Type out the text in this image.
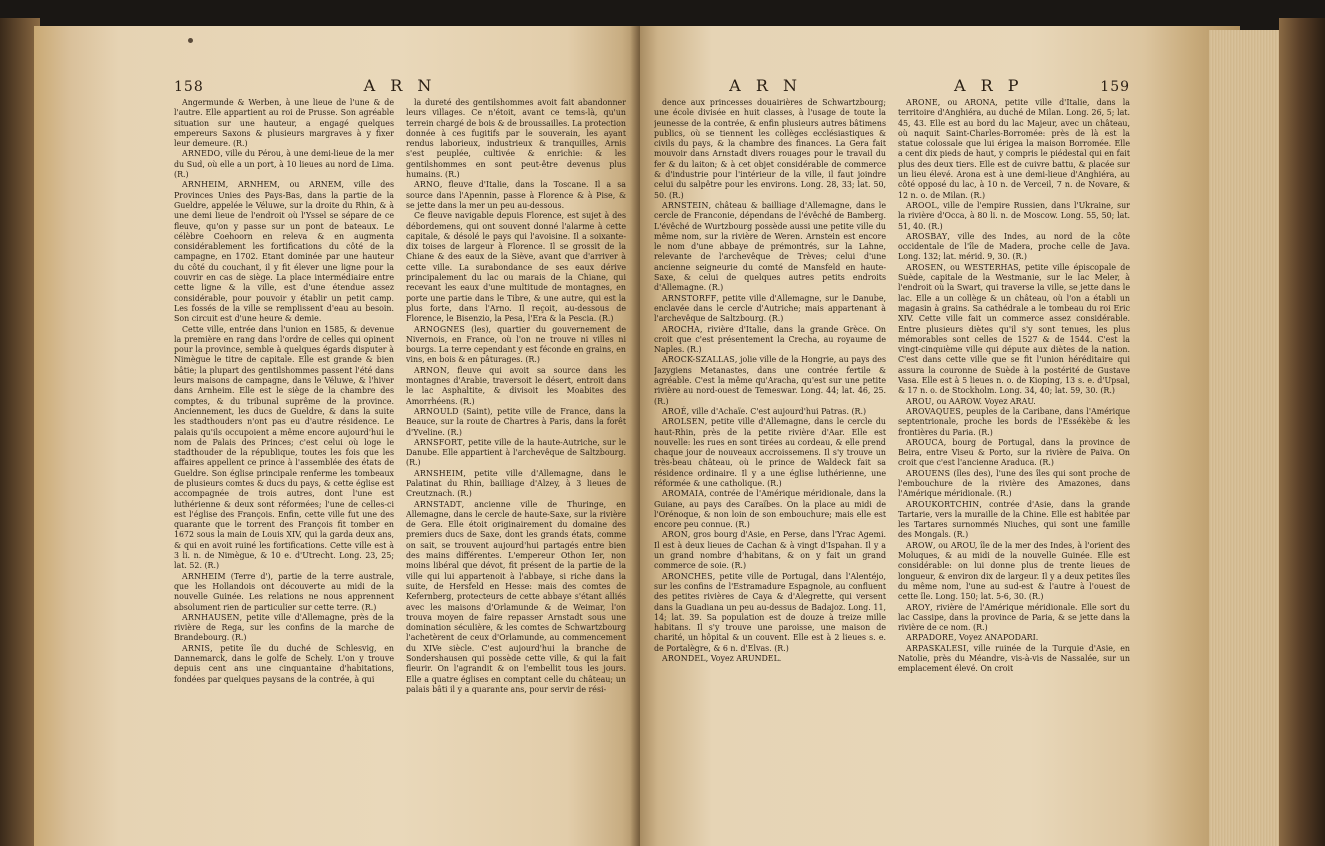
158	A R N

Angermunde & Werben, à une lieue de l'une & de l'autre. Elle appartient au roi de Prusse. Son agréable situation sur une hauteur, a engagé quelques empereurs Saxons & plusieurs margraves à y fixer leur demeure. (R.)

ARNEDO, ville du Pérou, à une demi-lieue de la mer du Sud, où elle a un port, à 10 lieues au nord de Lima. (R.)

ARNHEIM, ARNHEM, ou ARNEM, ville des Provinces Unies des Pays-Bas, dans la partie de la Gueldre, appelée le Véluwe, sur la droite du Rhin, & à une demi lieue de l'endroit où l'Yssel se sépare de ce fleuve, qu'on y passe sur un pont de bateaux. Le célèbre Coehoorn en releva & en augmenta considérablement les fortifications du côté de la campagne, en 1702. Etant dominée par une hauteur du côté du couchant, il y fit élever une ligne pour la couvrir en cas de siège. La place intermédiaire entre cette ligne & la ville, est d'une étendue assez considérable, pour pouvoir y établir un petit camp. Les fossés de la ville se remplissent d'eau au besoin. Son circuit est d'une heure & demie.

Cette ville, entrée dans l'union en 1585, & devenue la première en rang dans l'ordre de celles qui opinent pour la province, semble à quelques égards disputer à Nimègue le titre de capitale. Elle est grande & bien bâtie; la plupart des gentilshommes passent l'été dans leurs maisons de campagne, dans le Véluwe, & l'hiver dans Arnheim. Elle est le siège de la chambre des comptes, & du tribunal suprême de la province. Anciennement, les ducs de Gueldre, & dans la suite les stadthouders n'ont pas eu d'autre résidence. Le palais qu'ils occupoient a même encore aujourd'hui le nom de Palais des Princes; c'est celui où loge le stadthouder de la république, toutes les fois que les affaires appellent ce prince à l'assemblée des états de Gueldre. Son église principale renferme les tombeaux de plusieurs comtes & ducs du pays, & cette église est accompagnée de trois autres, dont l'une est luthérienne & deux sont réformées; l'une de celles-ci est l'église des François. Enfin, cette ville fut une des quarante que le torrent des François fit tomber en 1672 sous la main de Louis XIV, qui la garda deux ans, & qui en avoit ruiné les fortifications. Cette ville est à 3 li. n. de Nimègue, & 10 e. d'Utrecht. Long. 23, 25; lat. 52. (R.)

ARNHEIM (Terre d'), partie de la terre australe, que les Hollandois ont découverte au midi de la nouvelle Guinée. Les relations ne nous apprennent absolument rien de particulier sur cette terre. (R.)

ARNHAUSEN, petite ville d'Allemagne, près de la rivière de Rega, sur les confins de la marche de Brandebourg. (R.)

ARNIS, petite île du duché de Schlesvig, en Dannemarck, dans le golfe de Schely. L'on y trouve depuis cent ans une cinquantaine d'habitations, fondées par quelques paysans de la contrée, à qui

la dureté des gentilshommes avoit fait abandonner leurs villages. Ce n'étoit, avant ce tems-là, qu'un terrein chargé de bois & de broussailles. La protection donnée à ces fugitifs par le souverain, les ayant rendus laborieux, industrieux & tranquilles, Arnis s'est peuplée, cultivée & enrichie: & les gentilshommes en sont peut-être devenus plus humains. (R.)

ARNO, fleuve d'Italie, dans la Toscane. Il a sa source dans l'Apennin, passe à Florence & à Pise, & se jette dans la mer un peu au-dessous.

Ce fleuve navigable depuis Florence, est sujet à des débordemens, qui ont souvent donné l'alarme à cette capitale, & désolé le pays qui l'avoisine. Il a soixante-dix toises de largeur à Florence. Il se grossit de la Chiane & des eaux de la Siève, avant que d'arriver à cette ville. La surabondance de ses eaux dérive principalement du lac ou marais de la Chiane, qui recevant les eaux d'une multitude de montagnes, en porte une partie dans le Tibre, & une autre, qui est la plus forte, dans l'Arno. Il reçoit, au-dessous de Florence, le Bisenzio, la Pesa, l'Era & la Pescia. (R.)

ARNOGNES (les), quartier du gouvernement de Nivernois, en France, où l'on ne trouve ni villes ni bourgs. La terre cependant y est féconde en grains, en vins, en bois & en pâturages. (R.)

ARNON, fleuve qui avoit sa source dans les montagnes d'Arabie, traversoit le désert, entroit dans le lac Asphaltite, & divisoit les Moabites des Amorrhéens. (R.)

ARNOULD (Saint), petite ville de France, dans la Beauce, sur la route de Chartres à Paris, dans la forêt d'Yveline. (R.)

ARNSFORT, petite ville de la haute-Autriche, sur le Danube. Elle appartient à l'archevêque de Saltzbourg. (R.)

ARNSHEIM, petite ville d'Allemagne, dans le Palatinat du Rhin, bailliage d'Alzey, à 3 lieues de Creutznach. (R.)

ARNSTADT, ancienne ville de Thuringe, en Allemagne, dans le cercle de haute-Saxe, sur la rivière de Gera. Elle étoit originairement du domaine des premiers ducs de Saxe, dont les grands états, comme on sait, se trouvent aujourd'hui partagés entre bien des mains différentes. L'empereur Othon Ier, non moins libéral que dévot, fit présent de la partie de la ville qui lui appartenoit à l'abbaye, si riche dans la suite, de Hersfeld en Hesse: mais des comtes de Kefernberg, protecteurs de cette abbaye s'étant alliés avec les maisons d'Orlamunde & de Weimar, l'on trouva moyen de faire repasser Arnstadt sous une domination séculière, & les comtes de Schwartzbourg l'achetèrent de ceux d'Orlamunde, au commencement du XIVe siècle. C'est aujourd'hui la branche de Sondershausen qui possède cette ville, & qui la fait fleurir. On l'agrandit & on l'embellit tous les jours. Elle a quatre églises en comptant celle du château; un palais bâti il y a quarante ans, pour servir de rési-

A R N	A R P	159

dence aux princesses douairières de Schwartzbourg; une école divisée en huit classes, à l'usage de toute la jeunesse de la contrée, & enfin plusieurs autres bâtimens publics, où se tiennent les collèges ecclésiastiques & civils du pays, & la chambre des finances. La Gera fait mouvoir dans Arnstadt divers rouages pour le travail du fer & du laiton; & à cet objet considérable de commerce & d'industrie pour l'intérieur de la ville, il faut joindre celui du salpêtre pour les environs. Long. 28, 33; lat. 50, 50. (R.)

ARNSTEIN, château & bailliage d'Allemagne, dans le cercle de Franconie, dépendans de l'évêché de Bamberg. L'évêché de Wurtzbourg possède aussi une petite ville du même nom, sur la rivière de Weren. Arnstein est encore le nom d'une abbaye de prémontrés, sur la Lahne, relevante de l'archevêque de Trèves; celui d'une ancienne seigneurie du comté de Mansfeld en haute-Saxe, & celui de quelques autres petits endroits d'Allemagne. (R.)

ARNSTORFF, petite ville d'Allemagne, sur le Danube, enclavée dans le cercle d'Autriche; mais appartenant à l'archevêque de Saltzbourg. (R.)

AROCHA, rivière d'Italie, dans la grande Grèce. On croit que c'est présentement la Crecha, au royaume de Naples. (R.)

AROCK-SZALLAS, jolie ville de la Hongrie, au pays des Jazygiens Metanastes, dans une contrée fertile & agréable. C'est la même qu'Aracha, qu'est sur une petite rivière au nord-ouest de Temeswar. Long. 44; lat. 46, 25. (R.)

AROÉ, ville d'Achaïe. C'est aujourd'hui Patras. (R.)

AROLSEN, petite ville d'Allemagne, dans le cercle du haut-Rhin, près de la petite rivière d'Aar. Elle est nouvelle: les rues en sont tirées au cordeau, & elle prend chaque jour de nouveaux accroissemens. Il s'y trouve un très-beau château, où le prince de Waldeck fait sa résidence ordinaire. Il y a une église luthérienne, une réformée & une catholique. (R.)

AROMAIA, contrée de l'Amérique méridionale, dans la Guiane, au pays des Caraïbes. On la place au midi de l'Orénoque, & non loin de son embouchure; mais elle est encore peu connue. (R.)

ARON, gros bourg d'Asie, en Perse, dans l'Yrac Agemi. Il est à deux lieues de Cachan & à vingt d'Ispahan. Il y a un grand nombre d'habitans, & on y fait un grand commerce de soie. (R.)

ARONCHES, petite ville de Portugal, dans l'Alentéjo, sur les confins de l'Estramadure Espagnole, au confluent des petites rivières de Caya & d'Alegrette, qui versent dans la Guadiana un peu au-dessus de Badajoz. Long. 11, 14; lat. 39. Sa population est de douze à treize mille habitans. Il s'y trouve une paroisse, une maison de charité, un hôpital & un couvent. Elle est à 2 lieues s. e. de Portalègre, & 6 n. d'Elvas. (R.)

ARONDEL, Voyez ARUNDEL.

ARONE, ou ARONA, petite ville d'Italie, dans la territoire d'Anghiéra, au duché de Milan. Long. 26, 5; lat. 45, 43. Elle est au bord du lac Majeur, avec un château, où naquit Saint-Charles-Borromée: près de là est la statue colossale que lui érigea la maison Borromée. Elle a cent dix pieds de haut, y compris le piédestal qui en fait plus des deux tiers. Elle est de cuivre battu, & placée sur un lieu élevé. Arona est à une demi-lieue d'Anghiéra, au côté opposé du lac, à 10 n. de Verceil, 7 n. de Novare, & 12 n. o. de Milan. (R.)

AROOL, ville de l'empire Russien, dans l'Ukraine, sur la rivière d'Occa, à 80 li. n. de Moscow. Long. 55, 50; lat. 51, 40. (R.)

AROSBAY, ville des Indes, au nord de la côte occidentale de l'île de Madera, proche celle de Java. Long. 132; lat. mérid. 9, 30. (R.)

AROSEN, ou WESTERHAS, petite ville épiscopale de Suède, capitale de la Westmanie, sur le lac Meler, à l'endroit où la Swart, qui traverse la ville, se jette dans le lac. Elle a un collège & un château, où l'on a établi un magasin à grains. Sa cathédrale a le tombeau du roi Eric XIV. Cette ville fait un commerce assez considérable. Entre plusieurs diètes qu'il s'y sont tenues, les plus mémorables sont celles de 1527 & de 1544. C'est la vingt-cinquième ville qui députe aux diètes de la nation. C'est dans cette ville que se fit l'union héréditaire qui assura la couronne de Suède à la postérité de Gustave Vasa. Elle est à 5 lieues n. o. de Kioping, 13 s. e. d'Upsal, & 17 n. o. de Stockholm. Long. 34, 40; lat. 59, 30. (R.)

AROU, ou AAROW. Voyez ARAU.

AROVAQUES, peuples de la Caribane, dans l'Amérique septentrionale, proche les bords de l'Essékèbe & les frontières du Paria. (R.)

AROUCA, bourg de Portugal, dans la province de Beira, entre Viseu & Porto, sur la rivière de Paiva. On croit que c'est l'ancienne Araduca. (R.)

AROUENS (îles des), l'une des îles qui sont proche de l'embouchure de la rivière des Amazones, dans l'Amérique méridionale. (R.)

AROUKORTCHIN, contrée d'Asie, dans la grande Tartarie, vers la muraille de la Chine. Elle est habitée par les Tartares surnommés Niuches, qui sont une famille des Mongals. (R.)

AROW, ou AROU, île de la mer des Indes, à l'orient des Moluques, & au midi de la nouvelle Guinée. Elle est considérable: on lui donne plus de trente lieues de longueur, & environ dix de largeur. Il y a deux petites îles du même nom, l'une au sud-est & l'autre à l'ouest de cette île. Long. 150; lat. 5-6, 30. (R.)

AROY, rivière de l'Amérique méridionale. Elle sort du lac Cassipe, dans la province de Paria, & se jette dans la rivière de ce nom. (R.)

ARPADORE, Voyez ANAPODARI.

ARPASKALESI, ville ruinée de la Turquie d'Asie, en Natolie, près du Méandre, vis-à-vis de Nassalée, sur un emplacement élevé. On croit
